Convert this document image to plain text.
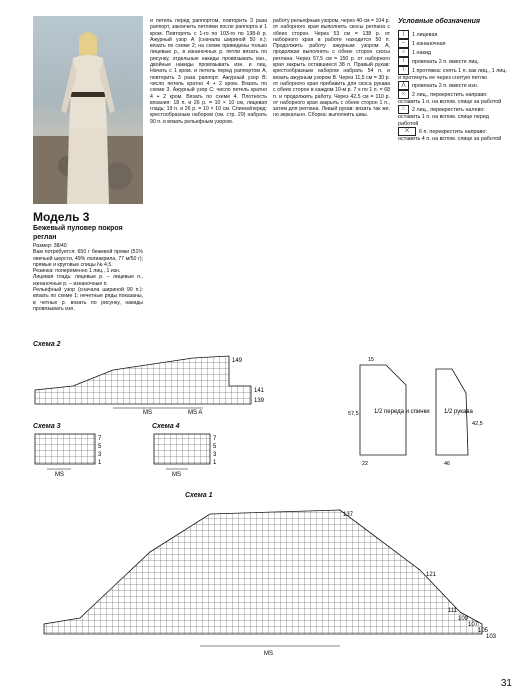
Модель 3
Бежевый пуловер покроя реглан
Размер: 38/40
Вам потребуется: 650 г бежевой пряжи (51% овечьей шерсти, 49% полиакрила, 77 м/50 г); прямые и круговые спицы № 4,5.
Резинка: попеременно 1 лиц., 1 изн.
Лицевая гладь: лицевые р. – лицевые п., изнаночные р. – изнаночные п.
Рельефный узор (сначала шириной 90 п.): вязать по схеме 1; нечетные ряды показаны, в четных р. вязать по рисунку, накиды провязывать изн.
и петель перед раппортом, повторить 3 раза раппорт, закончить петлями после раппорта и 1 кром. Повторять с 1-го по 103-го по 138-й р. Ажурный узор А (сначала шириной 50 п.): вязать по схеме 2; на схеме приведены только лицевые р., в изнаночных р. петли вязать по рисунку, отдельные накиды провязывать изн., двойные накиды провязывать изн. и лиц. Начать с 1 кром. и петель перед раппортом А, повторить 3 раза раппорт. Ажурный узор В: число петель кратно 4 + 2 кром. Вязать по схеме 3. Ажурный узор С: число петель кратно 4 + 2 кром. Вязать по схеме 4. Плотность вязания: 18 п. и 26 р. = 10 × 10 см, лицевая гладь; 19 п. и 26 р. = 10 × 10 см. Спинка/перед: крестообразным набором (см. стр. 29) набрать 90 п. и вязать рельефным узором.
работу рельефным узором, через 40 см = 104 р. от наборного края выполнить скосы реглана с обеих сторон. Через 53 см = 138 р. от наборного края в работе находится 50 п. Продолжить работу ажурным узором А, продолжая выполнять с обеих сторон скосы реглана. Через 57,5 см = 150 р. от наборного края закрыть оставшиеся 38 п. Правый рукав: крестообразным набором набрать 54 п. и вязать ажурным узором В. Через 11,5 см = 30 р. от наборного края прибавить для скоса рукава с обеих сторон в каждом 10-м р. 7 х по 1 п. = 68 п. и продолжить работу. Через 42,5 см = 110 р. от наборного края закрыть с обеих сторон 1 п., затем для реглана. Левый рукав: вязать так же, но зеркально. Сборка: выполнить швы.
Условные обозначения
| 1 лицевая
– 1 изнаночная
○ 1 накид
/ провязать 2 п. вместе лиц.
\ 1 протяжка: снять 1 п. как лиц., 1 лиц. и протянуть ее через снятую петлю
⋀ провязать 2 п. вместе изн.
⤬ 2 лиц., перекрестить направо: оставить 1 п. на вспом. спице за работой
⤫ 2 лиц., перекрестить налево: оставить 1 п. на вспом. спице перед работой
⨉ 6 п. перекрестить направо: оставить 4 п. на вспом. спице за работой
Схема 2
149
141
139
MS	MS A
Схема 3
7
5
3
1
MS
Схема 4
7
5
3
1
MS
1/2 переда и спинки 1/2 рукава
22
57,5
15
46
42,5
Схема 1
137
121
111
109
107
105
103
MS
31
